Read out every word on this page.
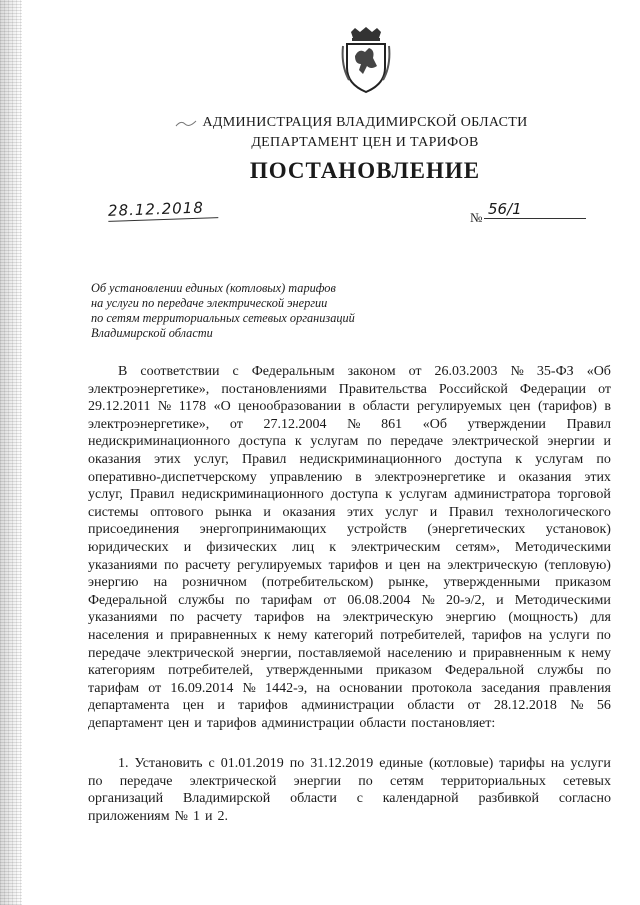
АДМИНИСТРАЦИЯ ВЛАДИМИРСКОЙ ОБЛАСТИ
ДЕПАРТАМЕНТ ЦЕН И ТАРИФОВ
ПОСТАНОВЛЕНИЕ
28.12.2018	№ 56/1
Об установлении единых (котловых) тарифов
на услуги по передаче электрической энергии
по сетям территориальных сетевых организаций
Владимирской области
В соответствии с Федеральным законом от 26.03.2003 № 35-ФЗ «Об
электроэнергетике», постановлениями Правительства Российской Федерации от
29.12.2011 № 1178 «О ценообразовании в области регулируемых цен (тарифов) в
электроэнергетике», от 27.12.2004 № 861 «Об утверждении Правил
недискриминационного доступа к услугам по передаче электрической энергии и
оказания этих услуг, Правил недискриминационного доступа к услугам по
оперативно-диспетчерскому управлению в электроэнергетике и оказания этих
услуг, Правил недискриминационного доступа к услугам администратора торговой
системы оптового рынка и оказания этих услуг и Правил технологического
присоединения энергопринимающих устройств (энергетических установок)
юридических и физических лиц к электрическим сетям», Методическими
указаниями по расчету регулируемых тарифов и цен на электрическую (тепловую)
энергию на розничном (потребительском) рынке, утвержденными приказом
Федеральной службы по тарифам от 06.08.2004 № 20-э/2, и Методическими
указаниями по расчету тарифов на электрическую энергию (мощность) для
населения и приравненных к нему категорий потребителей, тарифов на услуги по
передаче электрической энергии, поставляемой населению и приравненным к нему
категориям потребителей, утвержденными приказом Федеральной службы по
тарифам от 16.09.2014 № 1442-э, на основании протокола заседания правления
департамента цен и тарифов администрации области от 28.12.2018 № 56
департамент цен и тарифов администрации области постановляет:
1. Установить с 01.01.2019 по 31.12.2019 единые (котловые) тарифы на услуги
по передаче электрической энергии по сетям территориальных сетевых
организаций Владимирской области с календарной разбивкой согласно
приложениям № 1 и 2.
